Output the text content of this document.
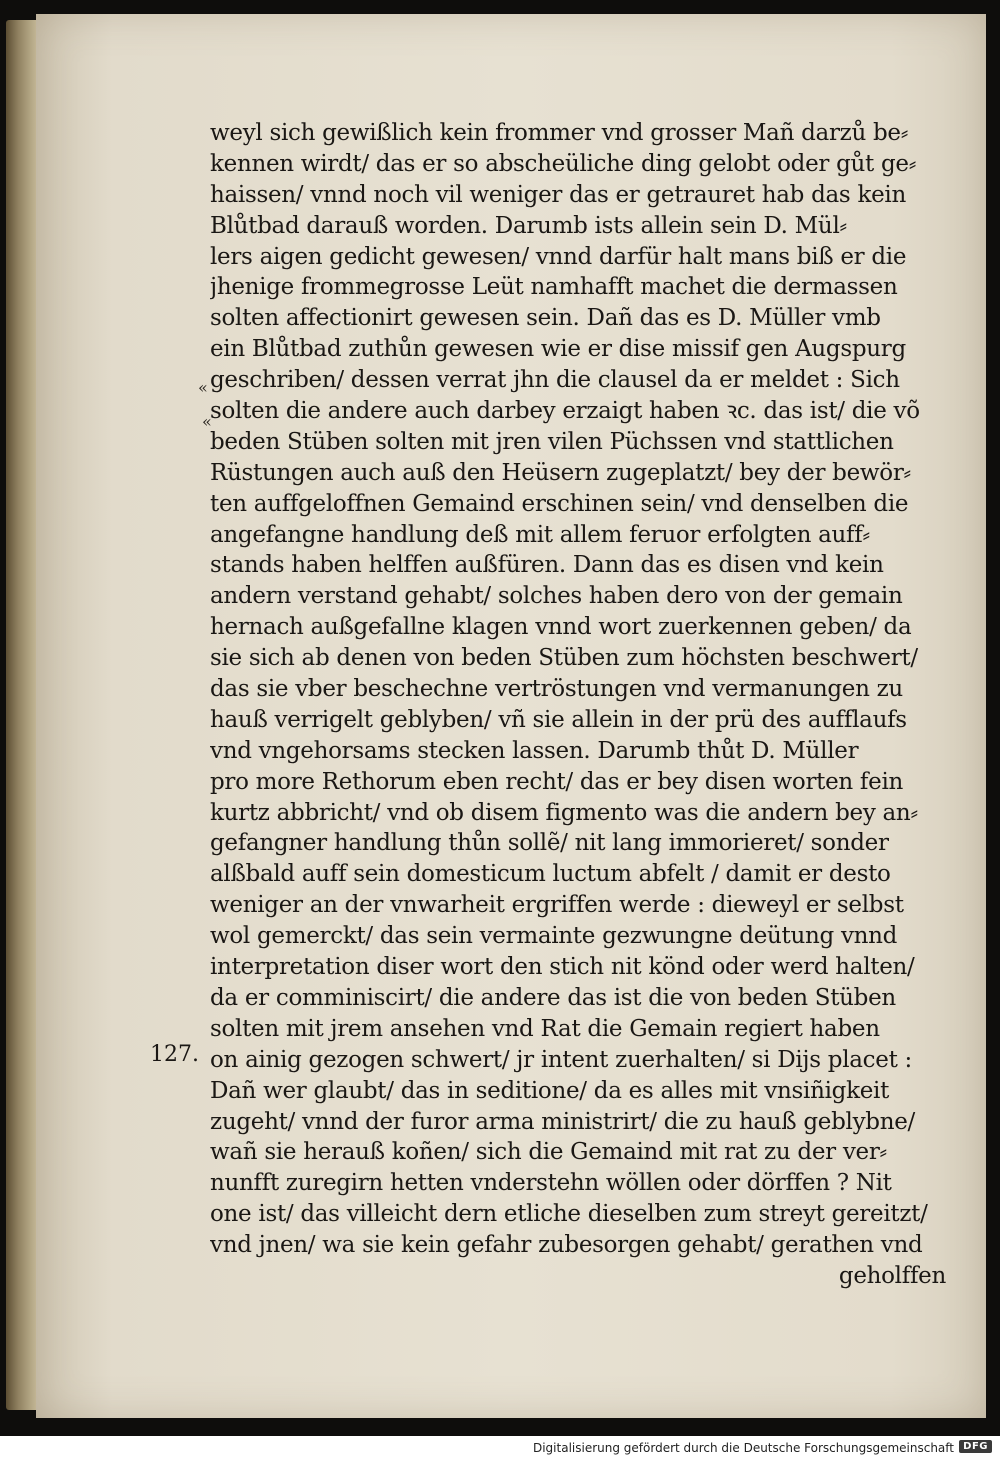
«
«
127.
weyl sich gewißlich kein frommer vnd grosser Mañ darzů be⸗
kennen wirdt/ das er so abscheüliche ding gelobt oder gůt ge⸗
haissen/ vnnd noch vil weniger das er getrauret hab das kein
Blůtbad darauß worden. Darumb ists allein sein D. Mül⸗
lers aigen gedicht gewesen/ vnnd darfür halt mans biß er die
jhenige frommegrosse Leüt namhafft machet die dermassen
solten affectionirt gewesen sein. Dañ das es D. Müller vmb
ein Blůtbad zuthůn gewesen wie er dise missif gen Augspurg
geschriben/ dessen verrat jhn die clausel da er meldet : Sich
solten die andere auch darbey erzaigt haben ꝛc. das ist/ die võ
beden Stüben solten mit jren vilen Püchssen vnd stattlichen
Rüstungen auch auß den Heüsern zugeplatzt/ bey der bewör⸗
ten auffgeloffnen Gemaind erschinen sein/ vnd denselben die
angefangne handlung deß mit allem feruor erfolgten auff⸗
stands haben helffen außfüren. Dann das es disen vnd kein
andern verstand gehabt/ solches haben dero von der gemain
hernach außgefallne klagen vnnd wort zuerkennen geben/ da
sie sich ab denen von beden Stüben zum höchsten beschwert/
das sie vber beschechne vertröstungen vnd vermanungen zu
hauß verrigelt geblyben/ vñ sie allein in der prü des aufflaufs
vnd vngehorsams stecken lassen. Darumb thůt D. Müller
pro more Rethorum eben recht/ das er bey disen worten fein
kurtz abbricht/ vnd ob disem figmento was die andern bey an⸗
gefangner handlung thůn sollẽ/ nit lang immorieret/ sonder
alßbald auff sein domesticum luctum abfelt / damit er desto
weniger an der vnwarheit ergriffen werde : dieweyl er selbst
wol gemerckt/ das sein vermainte gezwungne deütung vnnd
interpretation diser wort den stich nit könd oder werd halten/
da er comminiscirt/ die andere das ist die von beden Stüben
solten mit jrem ansehen vnd Rat die Gemain regiert haben
on ainig gezogen schwert/ jr intent zuerhalten/ si Dijs placet :
Dañ wer glaubt/ das in seditione/ da es alles mit vnsiñigkeit
zugeht/ vnnd der furor arma ministrirt/ die zu hauß geblybne/
wañ sie herauß koñen/ sich die Gemaind mit rat zu der ver⸗
nunfft zuregirn hetten vnderstehn wöllen oder dörffen ? Nit
one ist/ das villeicht dern etliche dieselben zum streyt gereitzt/
vnd jnen/ wa sie kein gefahr zubesorgen gehabt/ gerathen vnd
geholffen
Digitalisierung gefördert durch die Deutsche Forschungsgemeinschaft DFG
